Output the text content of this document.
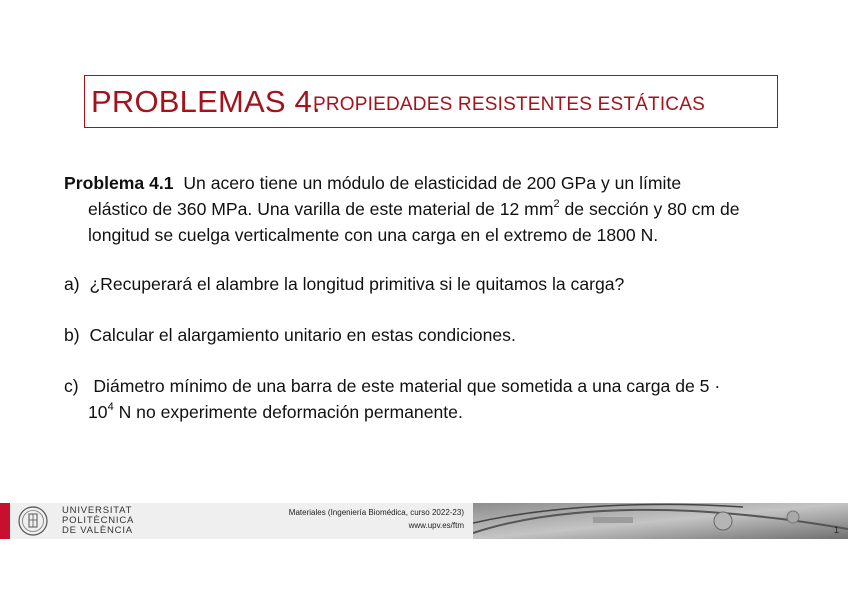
PROBLEMAS 4.
PROPIEDADES RESISTENTES ESTÁTICAS
Problema 4.1 Un acero tiene un módulo de elasticidad de 200 GPa y un límite
elástico de 360 MPa. Una varilla de este material de 12 $mm^2$ de sección y 80 cm de
longitud se cuelga verticalmente con una carga en el extremo de 1800 N.
a) ¿Recuperará el alambre la longitud primitiva si le quitamos la carga?
b) Calcular el alargamiento unitario en estas condiciones.
c) Diámetro mínimo de una barra de este material que sometida a una carga de 5 ·
$10^4$ N no experimente deformación permanente.
UNIVERSITAT
POLITÈCNICA
DE VALÈNCIA
Materiales (Ingeniería Biomédica, curso 2022-23)
www.upv.es/ftm	1
